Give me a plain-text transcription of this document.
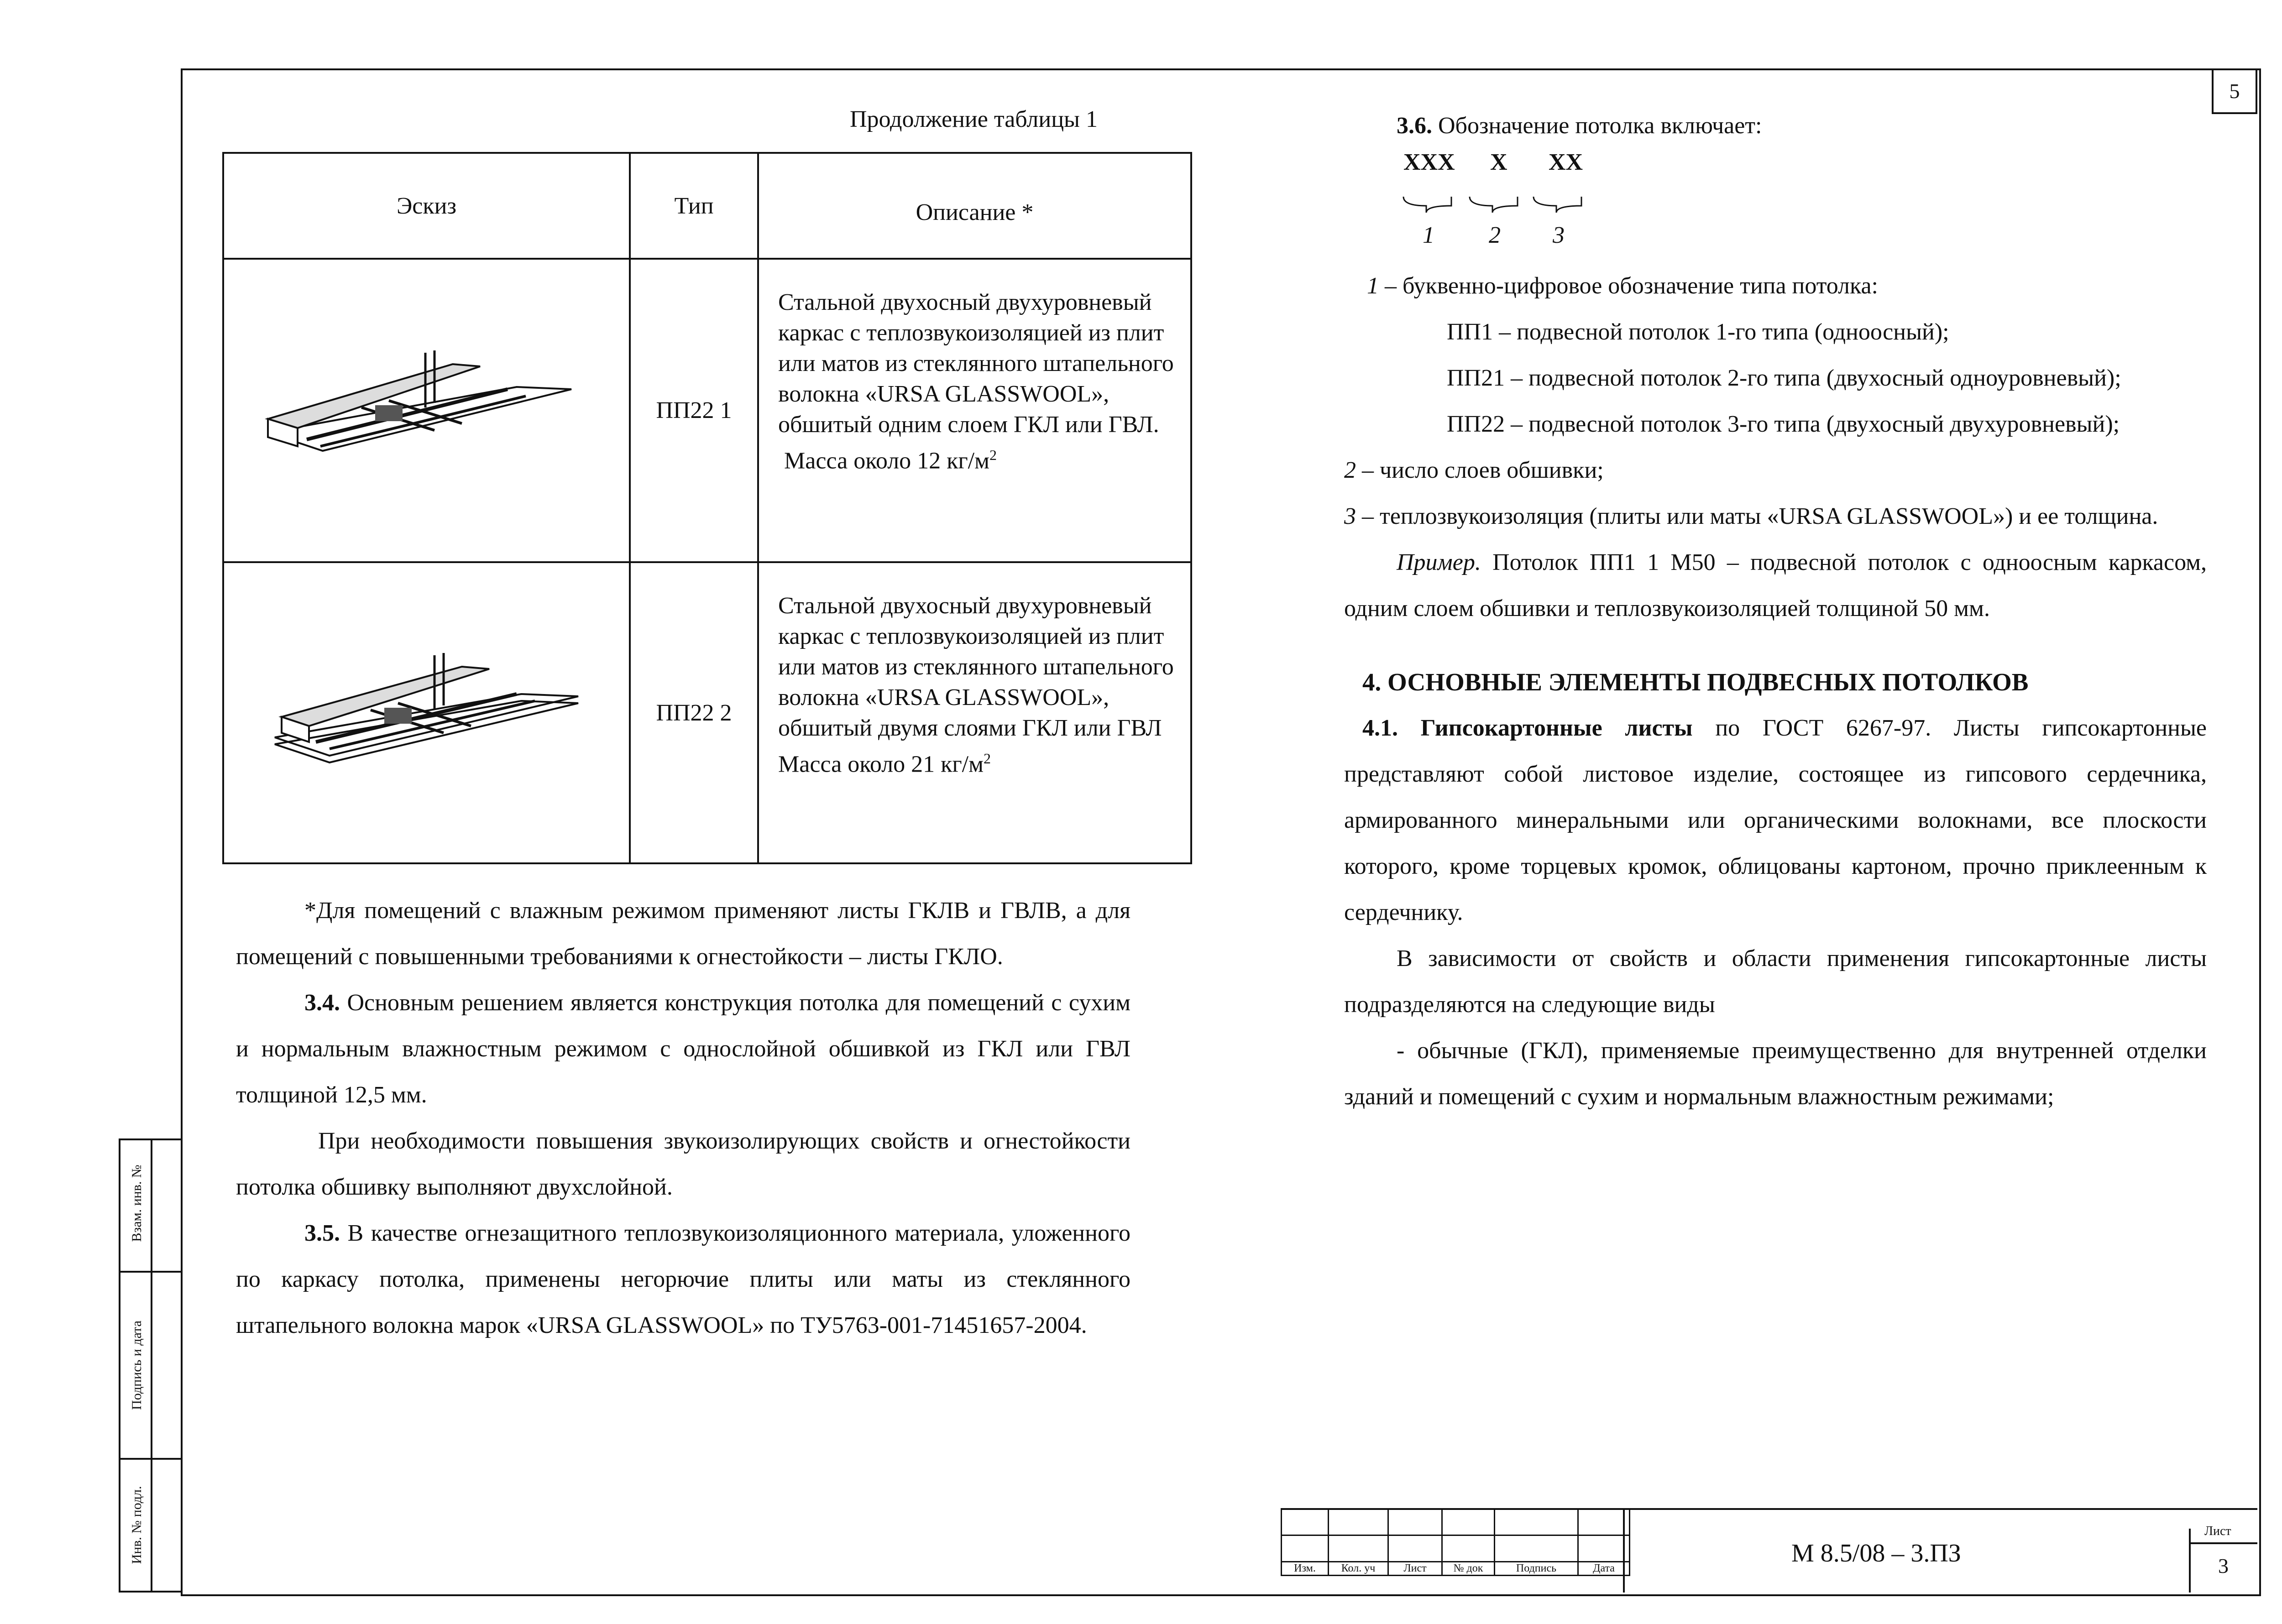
5
Продолжение таблицы 1
Эскиз	Тип	Описание *
	ПП22 1	Стальной двухосный двухуровневый каркас с теплозвукоизоляцией из плит или матов из стеклянного штапельного волокна «URSA GLASSWOOL», обшитый одним слоем ГКЛ или ГВЛ.
Масса около 12 $кг/м^2$
	ПП22 2	Стальной двухосный двухуровневый каркас с теплозвукоизоляцией из плит или матов из стеклянного штапельного волокна «URSA GLASSWOOL», обшитый двумя слоями ГКЛ или ГВЛ Масса около 21 $кг/м^2$

*Для помещений с влажным режимом применяют листы ГКЛВ и ГВЛВ, а для помещений с повышенными требованиями к огнестойкости – листы ГКЛО.

3.4. Основным решением является конструкция потолка для помещений с сухим и нормальным влажностным режимом с однослойной обшивкой из ГКЛ или ГВЛ толщиной 12,5 мм.

При необходимости повышения звукоизолирующих свойств и огнестойкости потолка обшивку выполняют двухслойной.

3.5. В качестве огнезащитного теплозвукоизоляционного материала, уложенного по каркасу потолка, применены негорючие плиты или маты из стеклянного штапельного волокна марок «URSA GLASSWOOL» по ТУ5763-001-71451657-2004.

3.6. Обозначение потолка включает:

XXX X XX
1 2 3

1 – буквенно-цифровое обозначение типа потолка:

ПП1 – подвесной потолок 1-го типа (одноосный);

ПП21 – подвесной потолок 2-го типа (двухосный одноуровневый);

ПП22 – подвесной потолок 3-го типа (двухосный двухуровневый);

2 – число слоев обшивки;

3 – теплозвукоизоляция (плиты или маты «URSA GLASSWOOL») и ее толщина.

Пример. Потолок ПП1 1 М50 – подвесной потолок с одноосным каркасом, одним слоем обшивки и теплозвукоизоляцией толщиной 50 мм.

4. ОСНОВНЫЕ ЭЛЕМЕНТЫ ПОДВЕСНЫХ ПОТОЛКОВ

4.1. Гипсокартонные листы по ГОСТ 6267-97. Листы гипсокартонные представляют собой листовое изделие, состоящее из гипсового сердечника, армированного минеральными или органическими волокнами, все плоскости которого, кроме торцевых кромок, облицованы картоном, прочно приклеенным к сердечнику.

В зависимости от свойств и области применения гипсокартонные листы подразделяются на следующие виды

- обычные (ГКЛ), применяемые преимущественно для внутренней отделки зданий и помещений с сухим и нормальным влажностным режимами;

Взам. инв. №
Подпись и дата
Инв. № подл.

Изм.	Кол. уч	Лист	№ док	Подпись	Дата
М 8.5/08 – 3.ПЗ
Лист
3
